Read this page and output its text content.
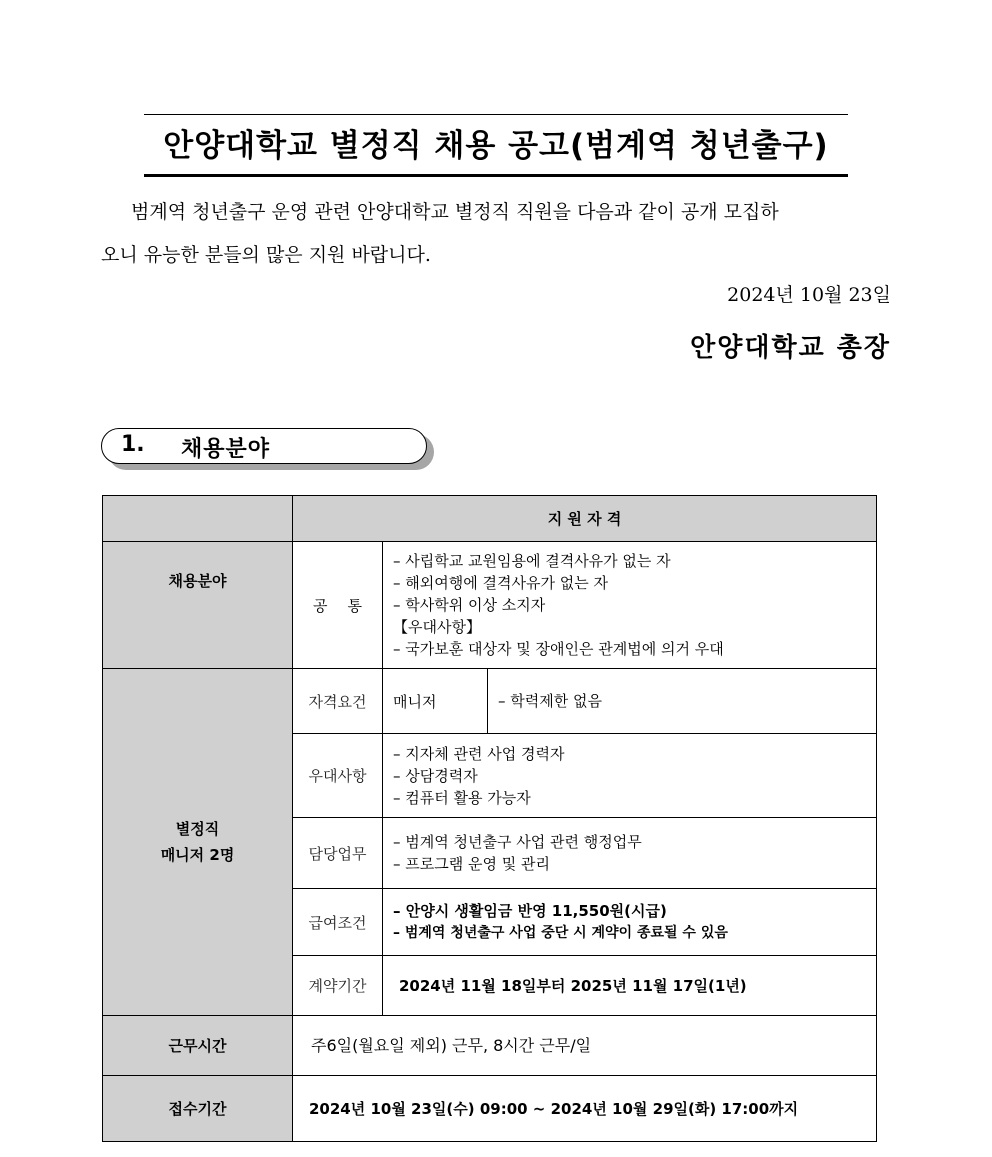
안양대학교 별정직 채용 공고(범계역 청년출구)
범계역 청년출구 운영 관련 안양대학교 별정직 직원을 다음과 같이 공개 모집하
오니 유능한 분들의 많은 지원 바랍니다.
2024년 10월 23일
안양대학교 총장
1. 채용분야
	지 원 자 격		
채용분야	공 통	– 사립학교 교원임용에 결격사유가 없는 자
– 해외여행에 결격사유가 없는 자
– 학사학위 이상 소지자
【우대사항】
– 국가보훈 대상자 및 장애인은 관계법에 의거 우대	

별정직
매니저 2명	자격요건	매니저	– 학력제한 없음
	우대사항	– 지자체 관련 사업 경력자
– 상담경력자
– 컴퓨터 활용 가능자	

	담당업무	– 범계역 청년출구 사업 관련 행정업무
– 프로그램 운영 및 관리	

	급여조건	– 안양시 생활임금 반영 11,550원(시급)
– 범계역 청년출구 사업 중단 시 계약이 종료될 수 있음	

	계약기간	2024년 11월 18일부터 2025년 11월 17일(1년)	
근무시간	주6일(월요일 제외) 근무, 8시간 근무/일		
접수기간	2024년 10월 23일(수) 09:00 ~ 2024년 10월 29일(화) 17:00까지		
